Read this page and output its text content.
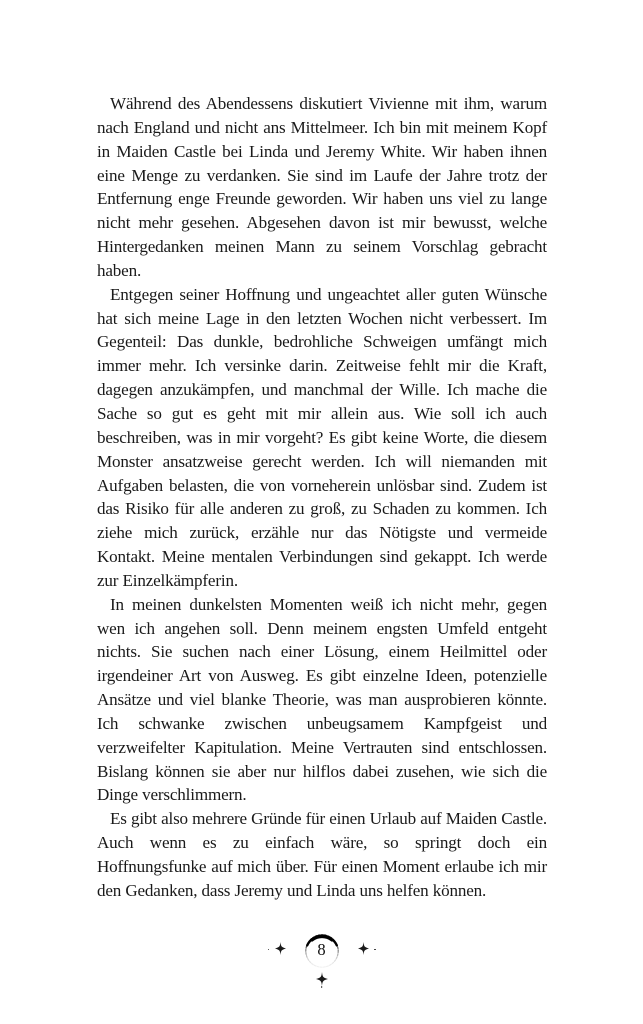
Während des Abendessens diskutiert Vivienne mit ihm, warum nach England und nicht ans Mittelmeer. Ich bin mit meinem Kopf in Maiden Castle bei Linda und Jeremy White. Wir haben ihnen eine Menge zu verdanken. Sie sind im Laufe der Jahre trotz der Entfernung enge Freunde geworden. Wir haben uns viel zu lange nicht mehr gesehen. Abgesehen davon ist mir bewusst, welche Hintergedanken meinen Mann zu seinem Vorschlag gebracht haben.

Entgegen seiner Hoffnung und ungeachtet aller guten Wünsche hat sich meine Lage in den letzten Wochen nicht verbessert. Im Gegenteil: Das dunkle, bedrohliche Schweigen umfängt mich immer mehr. Ich versinke darin. Zeitweise fehlt mir die Kraft, dagegen anzukämpfen, und manchmal der Wille. Ich mache die Sache so gut es geht mit mir allein aus. Wie soll ich auch beschreiben, was in mir vorgeht? Es gibt keine Worte, die diesem Monster ansatzweise gerecht werden. Ich will niemanden mit Aufgaben belasten, die von vorneherein unlösbar sind. Zudem ist das Risiko für alle anderen zu groß, zu Schaden zu kommen. Ich ziehe mich zurück, erzähle nur das Nötigste und vermeide Kontakt. Meine mentalen Verbindungen sind gekappt. Ich werde zur Einzelkämpferin.

In meinen dunkelsten Momenten weiß ich nicht mehr, gegen wen ich angehen soll. Denn meinem engsten Umfeld entgeht nichts. Sie suchen nach einer Lösung, einem Heilmittel oder irgendeiner Art von Ausweg. Es gibt einzelne Ideen, potenzielle Ansätze und viel blanke Theorie, was man ausprobieren könnte. Ich schwanke zwischen unbeugsamem Kampfgeist und verzweifelter Kapitulation. Meine Vertrauten sind entschlossen. Bislang können sie aber nur hilflos dabei zusehen, wie sich die Dinge verschlimmern.

Es gibt also mehrere Gründe für einen Urlaub auf Maiden Castle. Auch wenn es zu einfach wäre, so springt doch ein Hoffnungsfunke auf mich über. Für einen Moment erlaube ich mir den Gedanken, dass Jeremy und Linda uns helfen können.

8
